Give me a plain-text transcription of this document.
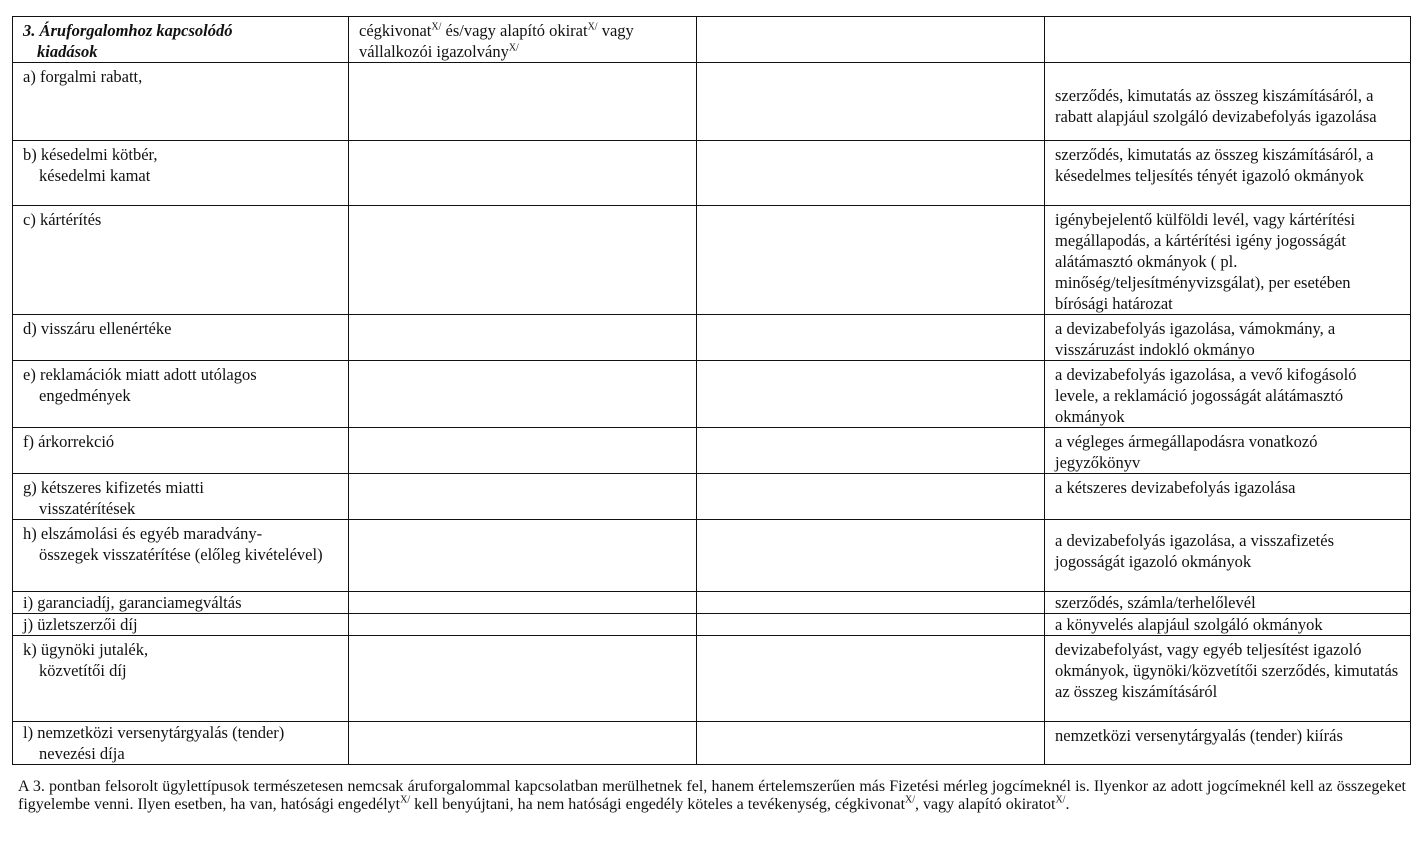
3. Áruforgalomhoz kapcsolódó
kiadások	cégkivonat$^{X/}$ és/vagy alapító okirat$^{X/}$ vagy
vállalkozói igazolvány$^{X/}$		
a) forgalmi rabatt,			szerződés, kimutatás az összeg kiszámításáról, a rabatt alapjául szolgáló devizabefolyás igazolása
b) késedelmi kötbér,
késedelmi kamat			szerződés, kimutatás az összeg kiszámításáról, a késedelmes teljesítés tényét igazoló okmányok
c) kártérítés			igénybejelentő külföldi levél, vagy kártérítési megállapodás, a kártérítési igény jogosságát alátámasztó okmányok ( pl. minőség/teljesítményvizsgálat), per esetében bírósági határozat
d) visszáru ellenértéke			a devizabefolyás igazolása, vámokmány, a visszáruzást indokló okmányo
e) reklamációk miatt adott utólagos
engedmények			a devizabefolyás igazolása, a vevő kifogásoló levele, a reklamáció jogosságát alátámasztó okmányok
f) árkorrekció			a végleges ármegállapodásra vonatkozó jegyzőkönyv
g) kétszeres kifizetés miatti
visszatérítések			a kétszeres devizabefolyás igazolása
h) elszámolási és egyéb maradvány-
összegek visszatérítése (előleg kivételével)			a devizabefolyás igazolása, a visszafizetés jogosságát igazoló okmányok
i) garanciadíj, garanciamegváltás			szerződés, számla/terhelőlevél
j) üzletszerzői díj			a könyvelés alapjául szolgáló okmányok
k) ügynöki jutalék,
közvetítői díj			devizabefolyást, vagy egyéb teljesítést igazoló okmányok, ügynöki/közvetítői szerződés, kimutatás az összeg kiszámításáról
l) nemzetközi versenytárgyalás (tender)
nevezési díja			nemzetközi versenytárgyalás (tender) kiírás
A 3. pontban felsorolt ügylettípusok természetesen nemcsak áruforgalommal kapcsolatban merülhetnek fel, hanem értelemszerűen más Fizetési mérleg jogcímeknél is. Ilyenkor az adott jogcímeknél kell az összegeket figyelembe venni. Ilyen esetben, ha van, hatósági engedélyt$^{X/}$ kell benyújtani, ha nem hatósági engedély köteles a tevékenység, cégkivonat$^{X/}$, vagy alapító okiratot$^{X/}$.
